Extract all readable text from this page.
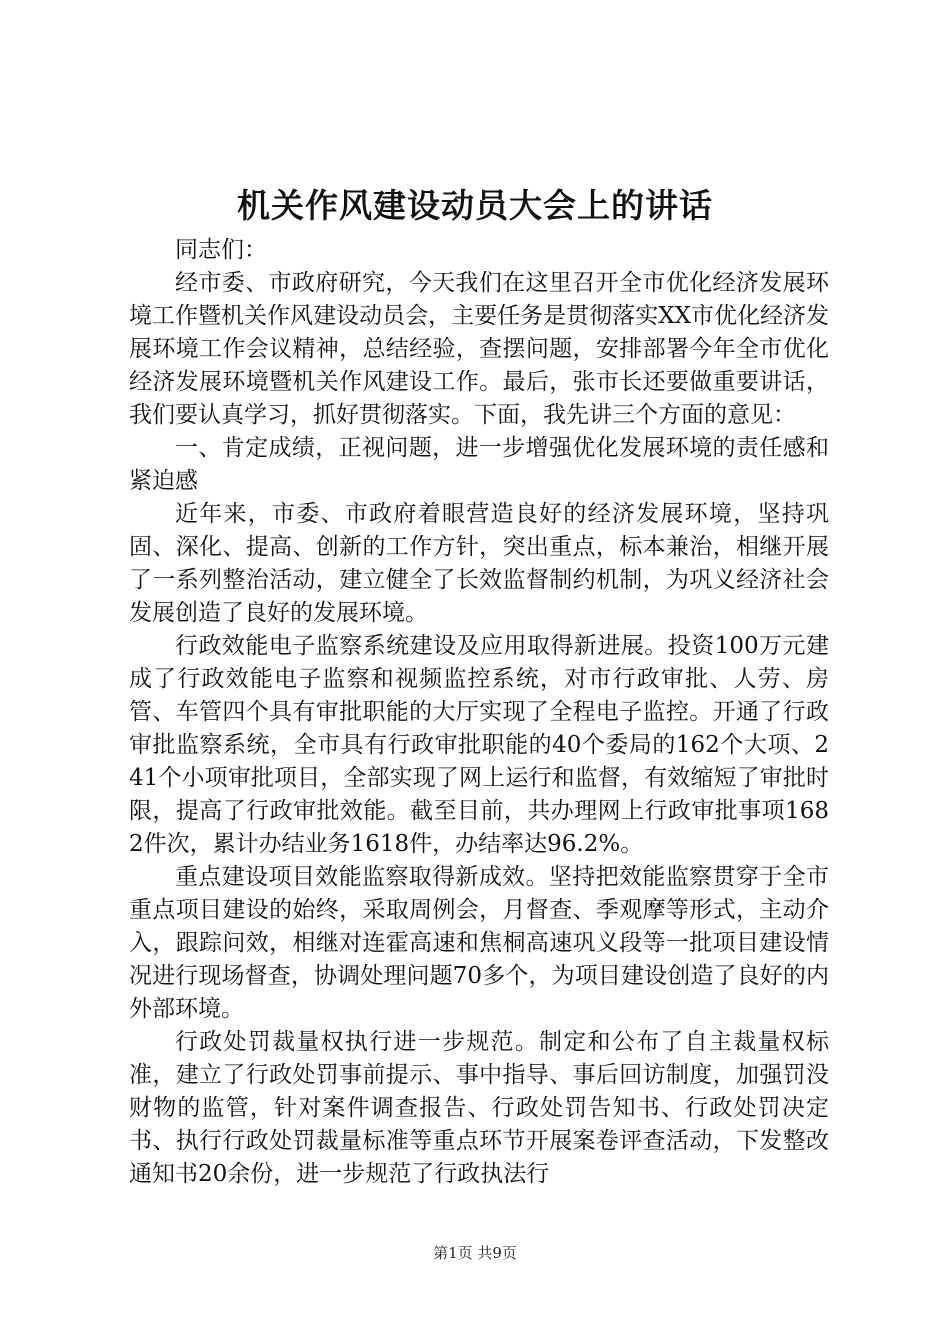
机关作风建设动员大会上的讲话

同志们：

经市委、市政府研究，今天我们在这里召开全市优化经济发展环境工作暨机关作风建设动员会，主要任务是贯彻落实XX市优化经济发展环境工作会议精神，总结经验，查摆问题，安排部署今年全市优化经济发展环境暨机关作风建设工作。最后，张市长还要做重要讲话，我们要认真学习，抓好贯彻落实。下面，我先讲三个方面的意见：

一、肯定成绩，正视问题，进一步增强优化发展环境的责任感和紧迫感

近年来，市委、市政府着眼营造良好的经济发展环境，坚持巩固、深化、提高、创新的工作方针，突出重点，标本兼治，相继开展了一系列整治活动，建立健全了长效监督制约机制，为巩义经济社会发展创造了良好的发展环境。

行政效能电子监察系统建设及应用取得新进展。投资100万元建成了行政效能电子监察和视频监控系统，对市行政审批、人劳、房管、车管四个具有审批职能的大厅实现了全程电子监控。开通了行政审批监察系统，全市具有行政审批职能的40个委局的162个大项、241个小项审批项目，全部实现了网上运行和监督，有效缩短了审批时限，提高了行政审批效能。截至目前，共办理网上行政审批事项1682件次，累计办结业务1618件，办结率达96.2%。

重点建设项目效能监察取得新成效。坚持把效能监察贯穿于全市重点项目建设的始终，采取周例会，月督查、季观摩等形式，主动介入，跟踪问效，相继对连霍高速和焦桐高速巩义段等一批项目建设情况进行现场督查，协调处理问题70多个，为项目建设创造了良好的内外部环境。

行政处罚裁量权执行进一步规范。制定和公布了自主裁量权标准，建立了行政处罚事前提示、事中指导、事后回访制度，加强罚没财物的监管，针对案件调查报告、行政处罚告知书、行政处罚决定书、执行行政处罚裁量标准等重点环节开展案卷评查活动，下发整改通知书20余份，进一步规范了行政执法行

第1页 共9页
